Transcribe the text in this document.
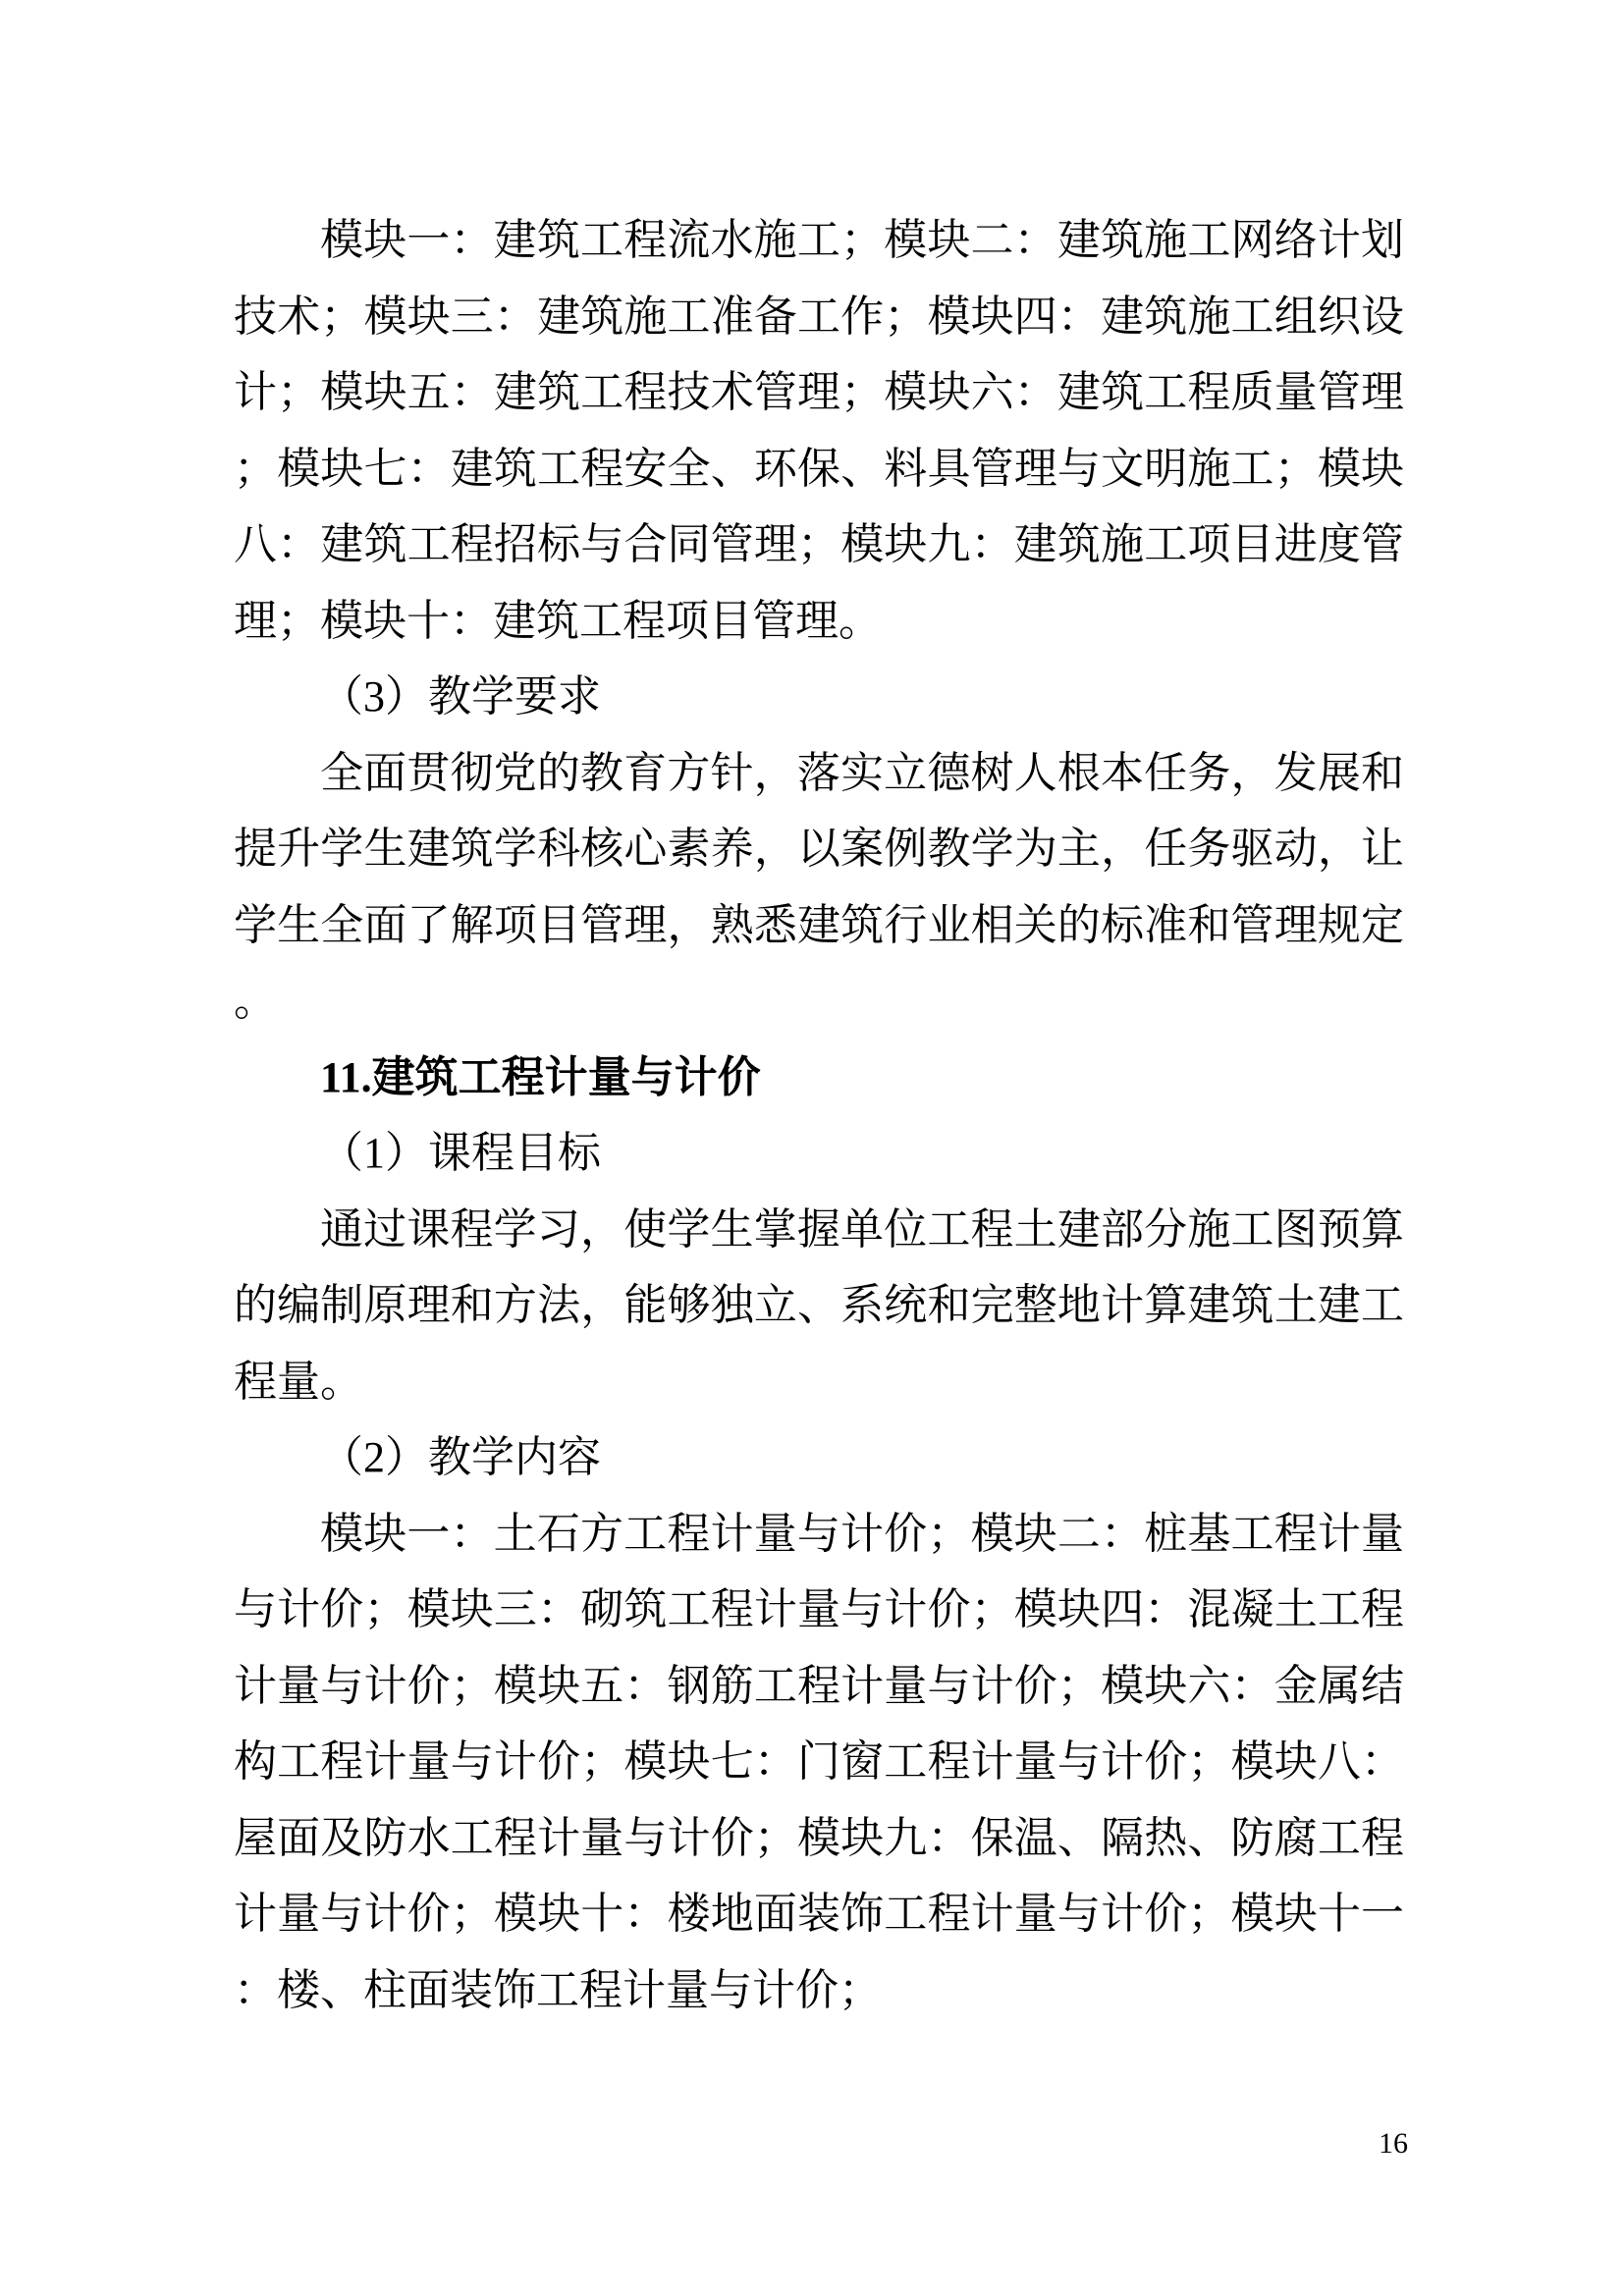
模块一：建筑工程流水施工；模块二：建筑施工网络计划
技术；模块三：建筑施工准备工作；模块四：建筑施工组织设
计；模块五：建筑工程技术管理；模块六：建筑工程质量管理
；模块七：建筑工程安全、环保、料具管理与文明施工；模块
八：建筑工程招标与合同管理；模块九：建筑施工项目进度管
理；模块十：建筑工程项目管理。
（3）教学要求
全面贯彻党的教育方针，落实立德树人根本任务，发展和
提升学生建筑学科核心素养，以案例教学为主，任务驱动，让
学生全面了解项目管理，熟悉建筑行业相关的标准和管理规定
。
11.建筑工程计量与计价
（1）课程目标
通过课程学习，使学生掌握单位工程土建部分施工图预算
的编制原理和方法，能够独立、系统和完整地计算建筑土建工
程量。
（2）教学内容
模块一：土石方工程计量与计价；模块二：桩基工程计量
与计价；模块三：砌筑工程计量与计价；模块四：混凝土工程
计量与计价；模块五：钢筋工程计量与计价；模块六：金属结
构工程计量与计价；模块七：门窗工程计量与计价；模块八：
屋面及防水工程计量与计价；模块九：保温、隔热、防腐工程
计量与计价；模块十：楼地面装饰工程计量与计价；模块十一
：楼、柱面装饰工程计量与计价；
16
